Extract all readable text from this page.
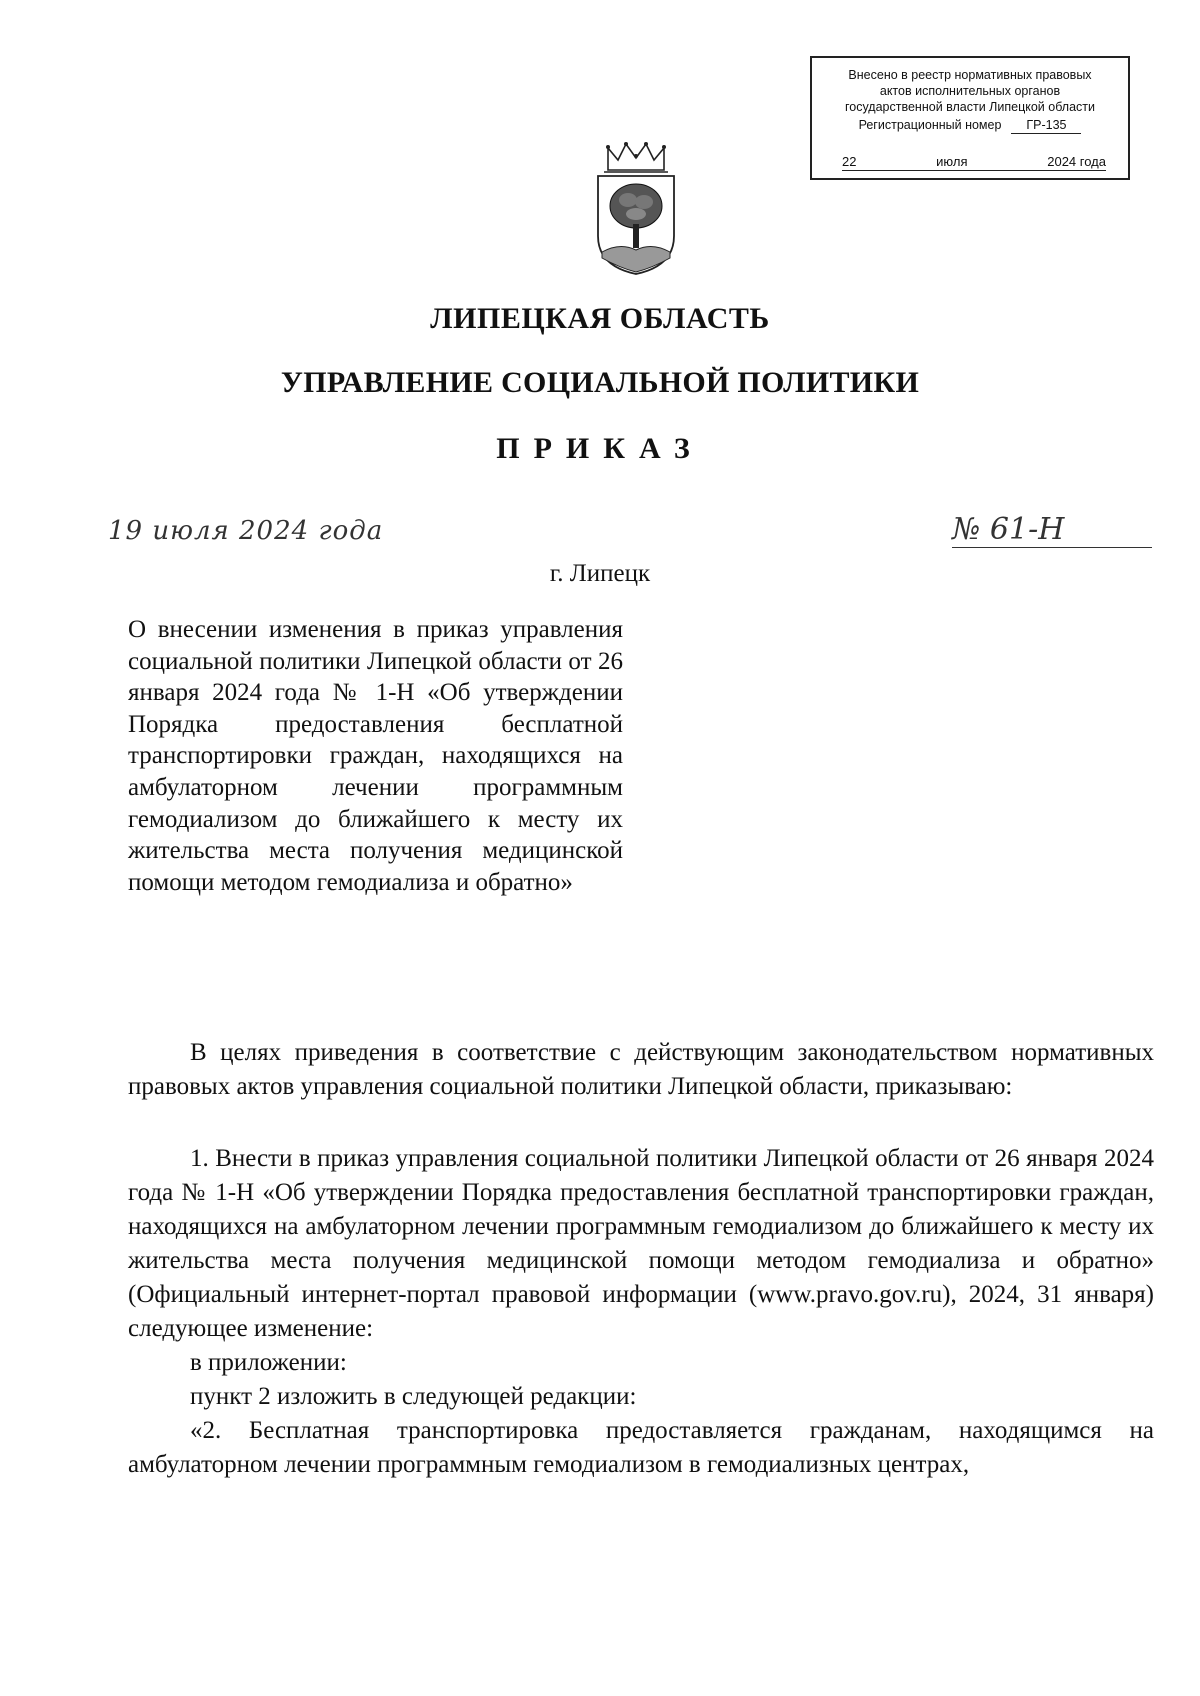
Внесено в реестр нормативных правовых
актов исполнительных органов
государственной власти Липецкой области
Регистрационный номер	ГР-135
22	июля	2024 года
ЛИПЕЦКАЯ ОБЛАСТЬ
УПРАВЛЕНИЕ СОЦИАЛЬНОЙ ПОЛИТИКИ
ПРИКАЗ
19 июля 2024 года	№ 61-Н
г. Липецк
О внесении изменения в приказ управления социальной политики Липецкой области от 26 января 2024 года № 1-Н «Об утверждении Порядка предоставления бесплатной транспортировки граждан, находящихся на амбулаторном лечении программным гемодиализом до ближайшего к месту их жительства места получения медицинской помощи методом гемодиализа и обратно»

В целях приведения в соответствие с действующим законодательством нормативных правовых актов управления социальной политики Липецкой области, приказываю:

1. Внести в приказ управления социальной политики Липецкой области от 26 января 2024 года № 1-Н «Об утверждении Порядка предоставления бесплатной транспортировки граждан, находящихся на амбулаторном лечении программным гемодиализом до ближайшего к месту их жительства места получения медицинской помощи методом гемодиализа и обратно» (Официальный интернет-портал правовой информации (www.pravo.gov.ru), 2024, 31 января) следующее изменение:

в приложении:

пункт 2 изложить в следующей редакции:

«2. Бесплатная транспортировка предоставляется гражданам, находящимся на амбулаторном лечении программным гемодиализом в гемодиализных центрах,
